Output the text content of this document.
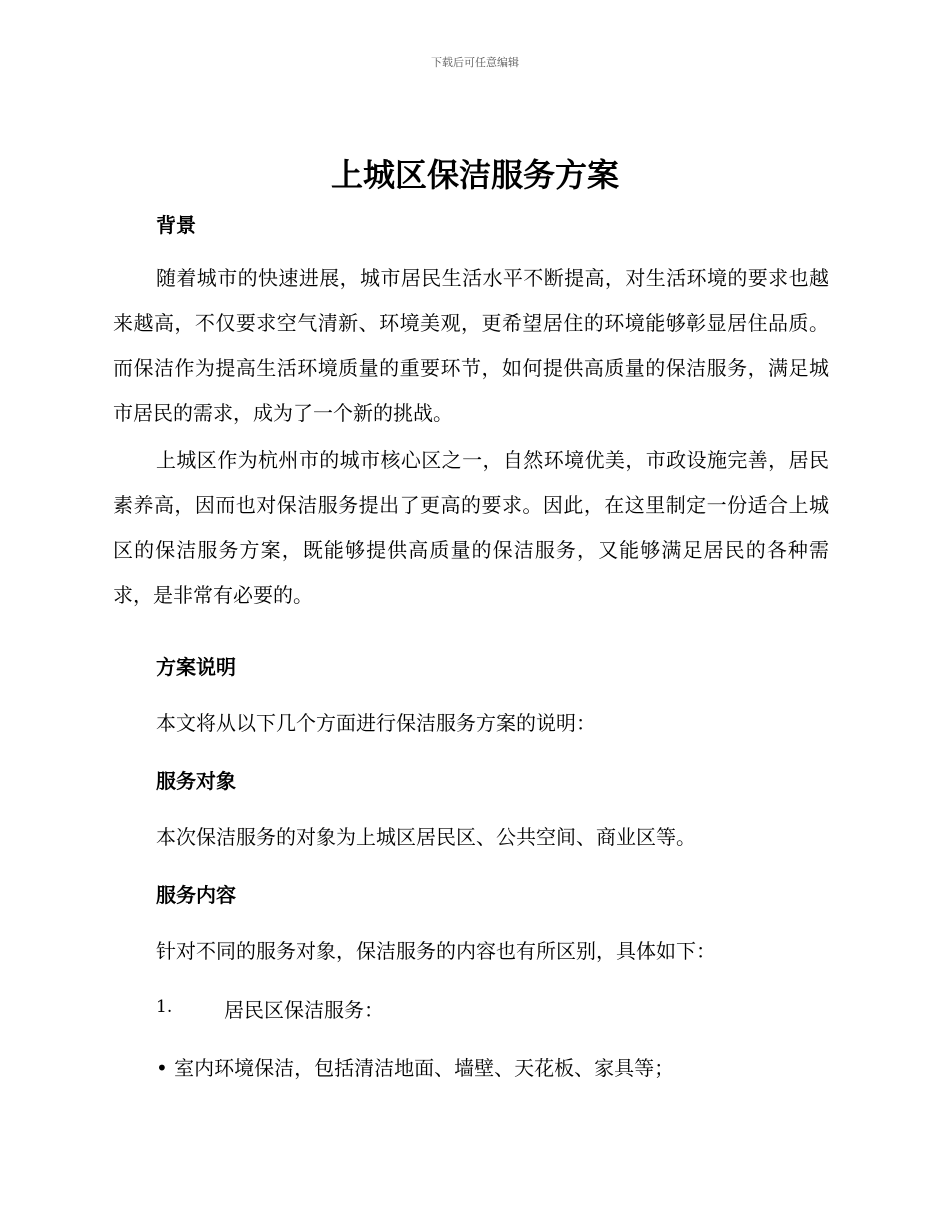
下载后可任意编辑
上城区保洁服务方案
背景

随着城市的快速进展，城市居民生活水平不断提高，对生活环境的要求也越来越高，不仅要求空气清新、环境美观，更希望居住的环境能够彰显居住品质。而保洁作为提高生活环境质量的重要环节，如何提供高质量的保洁服务，满足城市居民的需求，成为了一个新的挑战。

上城区作为杭州市的城市核心区之一，自然环境优美，市政设施完善，居民素养高，因而也对保洁服务提出了更高的要求。因此，在这里制定一份适合上城区的保洁服务方案，既能够提供高质量的保洁服务，又能够满足居民的各种需求，是非常有必要的。

方案说明

本文将从以下几个方面进行保洁服务方案的说明：

服务对象

本次保洁服务的对象为上城区居民区、公共空间、商业区等。

服务内容

针对不同的服务对象，保洁服务的内容也有所区别，具体如下：

1.	居民区保洁服务：

• 室内环境保洁，包括清洁地面、墙壁、天花板、家具等；
